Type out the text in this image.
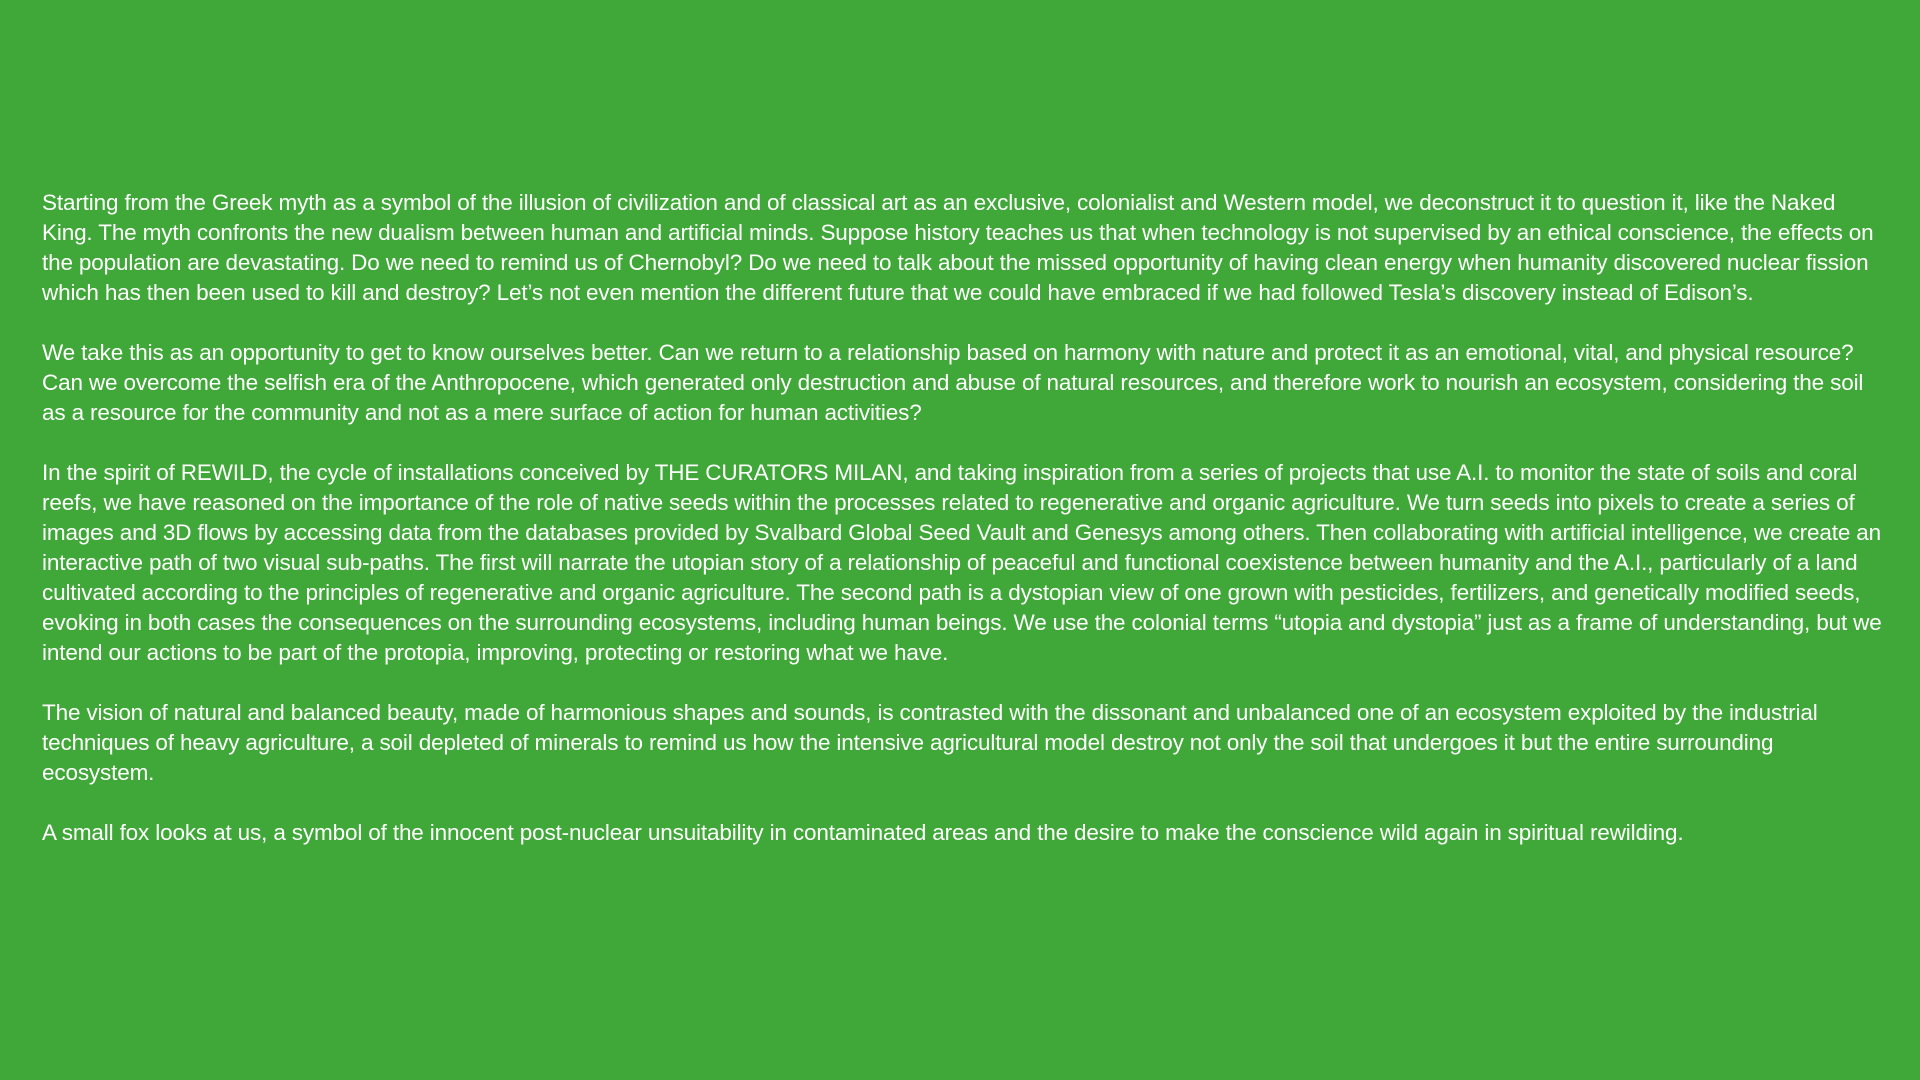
Starting from the Greek myth as a symbol of the illusion of civilization and of classical art as an exclusive, colonialist and Western model, we deconstruct it to question it, like the Naked King. The myth confronts the new dualism between human and artificial minds. Suppose history teaches us that when technology is not supervised by an ethical conscience, the effects on the population are devastating. Do we need to remind us of Chernobyl? Do we need to talk about the missed opportunity of having clean energy when humanity discovered nuclear fission which has then been used to kill and destroy? Let’s not even mention the different future that we could have embraced if we had followed Tesla’s discovery instead of Edison’s.

We take this as an opportunity to get to know ourselves better. Can we return to a relationship based on harmony with nature and protect it as an emotional, vital, and physical resource? Can we overcome the selfish era of the Anthropocene, which generated only destruction and abuse of natural resources, and therefore work to nourish an ecosystem, considering the soil as a resource for the community and not as a mere surface of action for human activities?

In the spirit of REWILD, the cycle of installations conceived by THE CURATORS MILAN, and taking inspiration from a series of projects that use A.I. to monitor the state of soils and coral reefs, we have reasoned on the importance of the role of native seeds within the processes related to regenerative and organic agriculture. We turn seeds into pixels to create a series of images and 3D flows by accessing data from the databases provided by Svalbard Global Seed Vault and Genesys among others. Then collaborating with artificial intelligence, we create an interactive path of two visual sub-paths. The first will narrate the utopian story of a relationship of peaceful and functional coexistence between humanity and the A.I., particularly of a land cultivated according to the principles of regenerative and organic agriculture. The second path is a dystopian view of one grown with pesticides, fertilizers, and genetically modified seeds, evoking in both cases the consequences on the surrounding ecosystems, including human beings. We use the colonial terms “utopia and dystopia” just as a frame of understanding, but we intend our actions to be part of the protopia, improving, protecting or restoring what we have.

The vision of natural and balanced beauty, made of harmonious shapes and sounds, is contrasted with the dissonant and unbalanced one of an ecosystem exploited by the industrial techniques of heavy agriculture, a soil depleted of minerals to remind us how the intensive agricultural model destroy not only the soil that undergoes it but the entire surrounding ecosystem.

A small fox looks at us, a symbol of the innocent post-nuclear unsuitability in contaminated areas and the desire to make the conscience wild again in spiritual rewilding.
